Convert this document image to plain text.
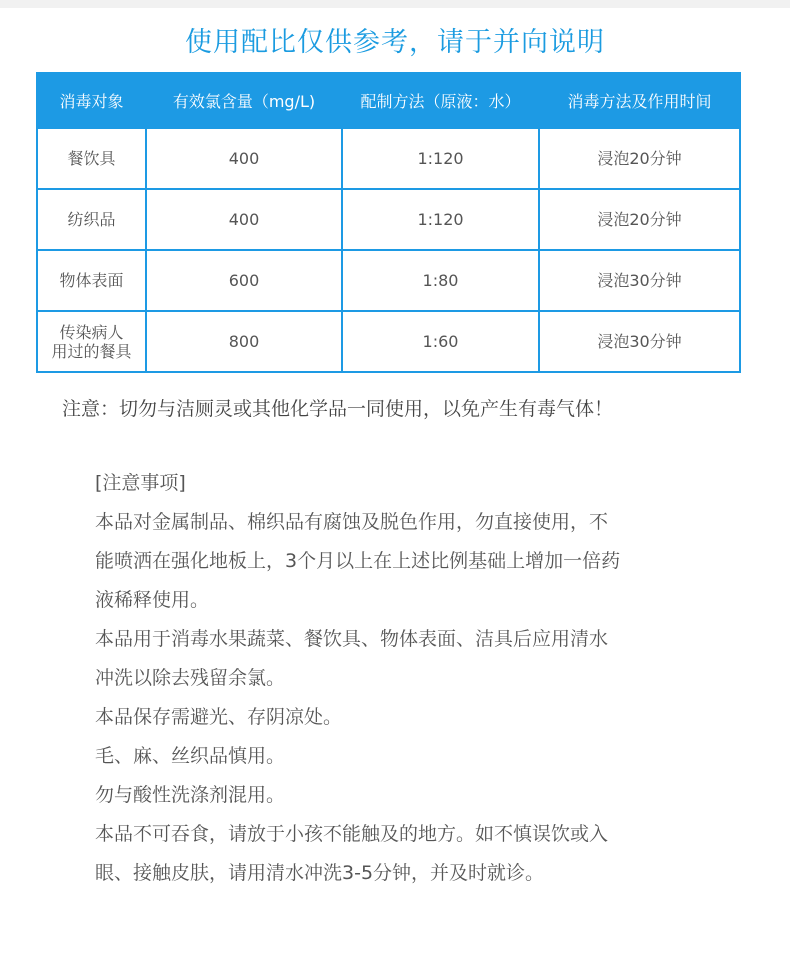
使用配比仅供参考，请于并向说明
消毒对象	有效氯含量（mg/L)	配制方法（原液：水）	消毒方法及作用时间
餐饮具	400	1:120	浸泡20分钟
纺织品	400	1:120	浸泡20分钟
物体表面	600	1:80	浸泡30分钟
传染病人
用过的餐具	800	1:60	浸泡30分钟
注意：切勿与洁厕灵或其他化学品一同使用，以免产生有毒气体！

[注意事项]

本品对金属制品、棉织品有腐蚀及脱色作用，勿直接使用，不

能喷洒在强化地板上，3个月以上在上述比例基础上增加一倍药

液稀释使用。

本品用于消毒水果蔬菜、餐饮具、物体表面、洁具后应用清水

冲洗以除去残留余氯。

本品保存需避光、存阴凉处。

毛、麻、丝织品慎用。

勿与酸性洗涤剂混用。

本品不可吞食，请放于小孩不能触及的地方。如不慎误饮或入

眼、接触皮肤，请用清水冲洗3-5分钟，并及时就诊。
